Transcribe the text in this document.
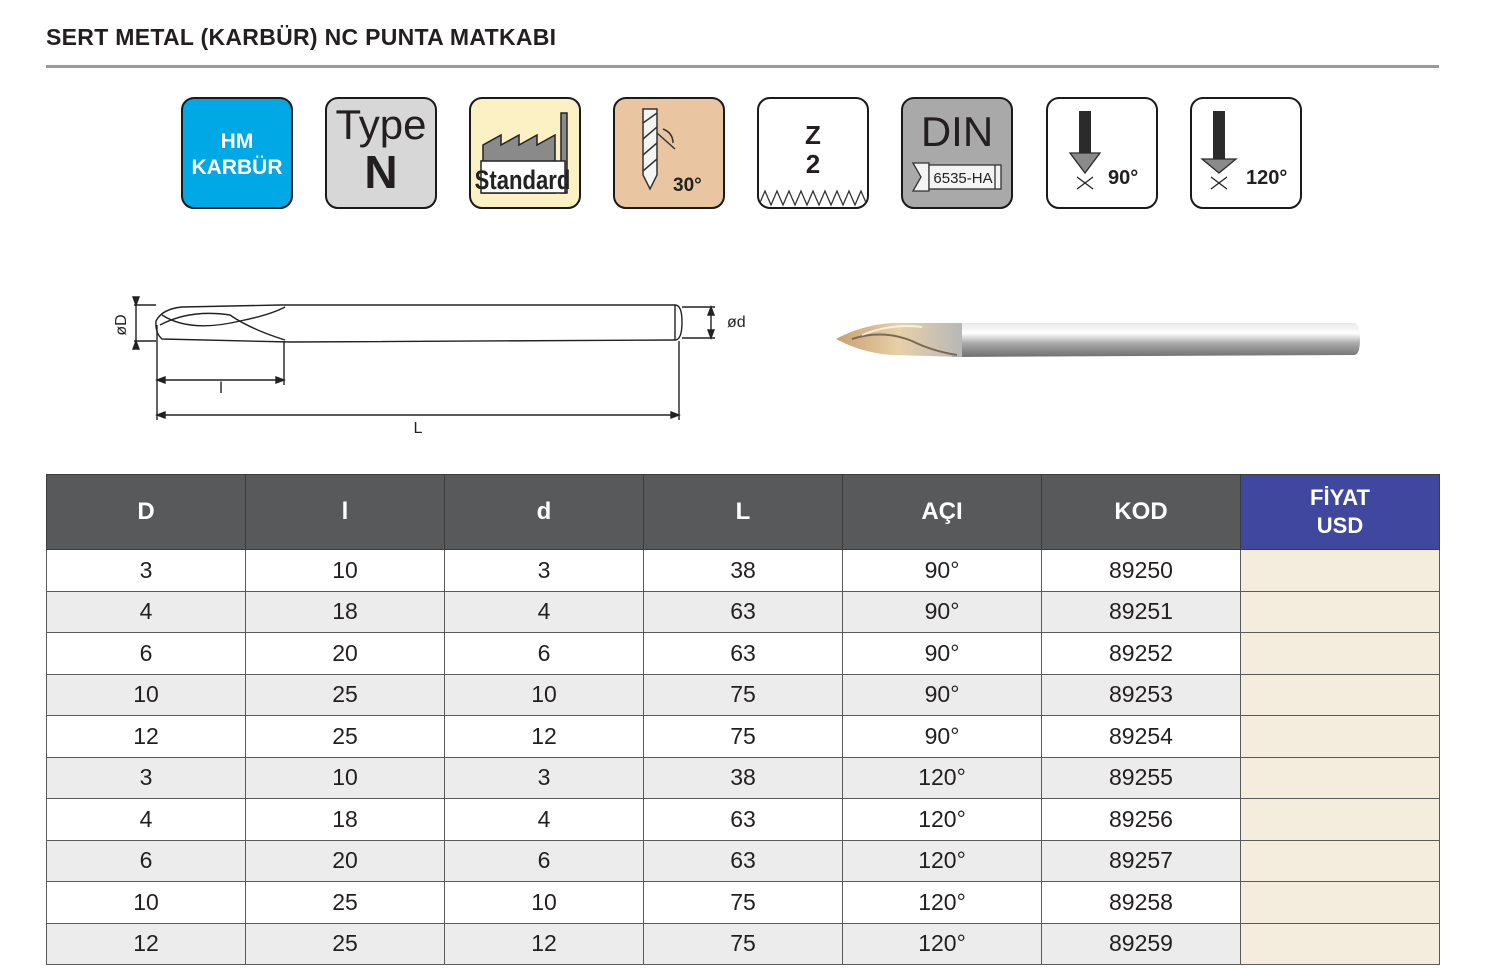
SERT METAL (KARBÜR) NC PUNTA MATKABI
HM
KARBÜR
Type
N	Standard	30°
Z
2
DIN
6535-HA	90°	120°
øD	ød
l
L
D	l	d	L	AÇI	KOD	FİYAT
USD

3	10	3	38	90°	89250	
4	18	4	63	90°	89251	
6	20	6	63	90°	89252	
10	25	10	75	90°	89253	
12	25	12	75	90°	89254	
3	10	3	38	120°	89255	
4	18	4	63	120°	89256	
6	20	6	63	120°	89257	
10	25	10	75	120°	89258	
12	25	12	75	120°	89259	
